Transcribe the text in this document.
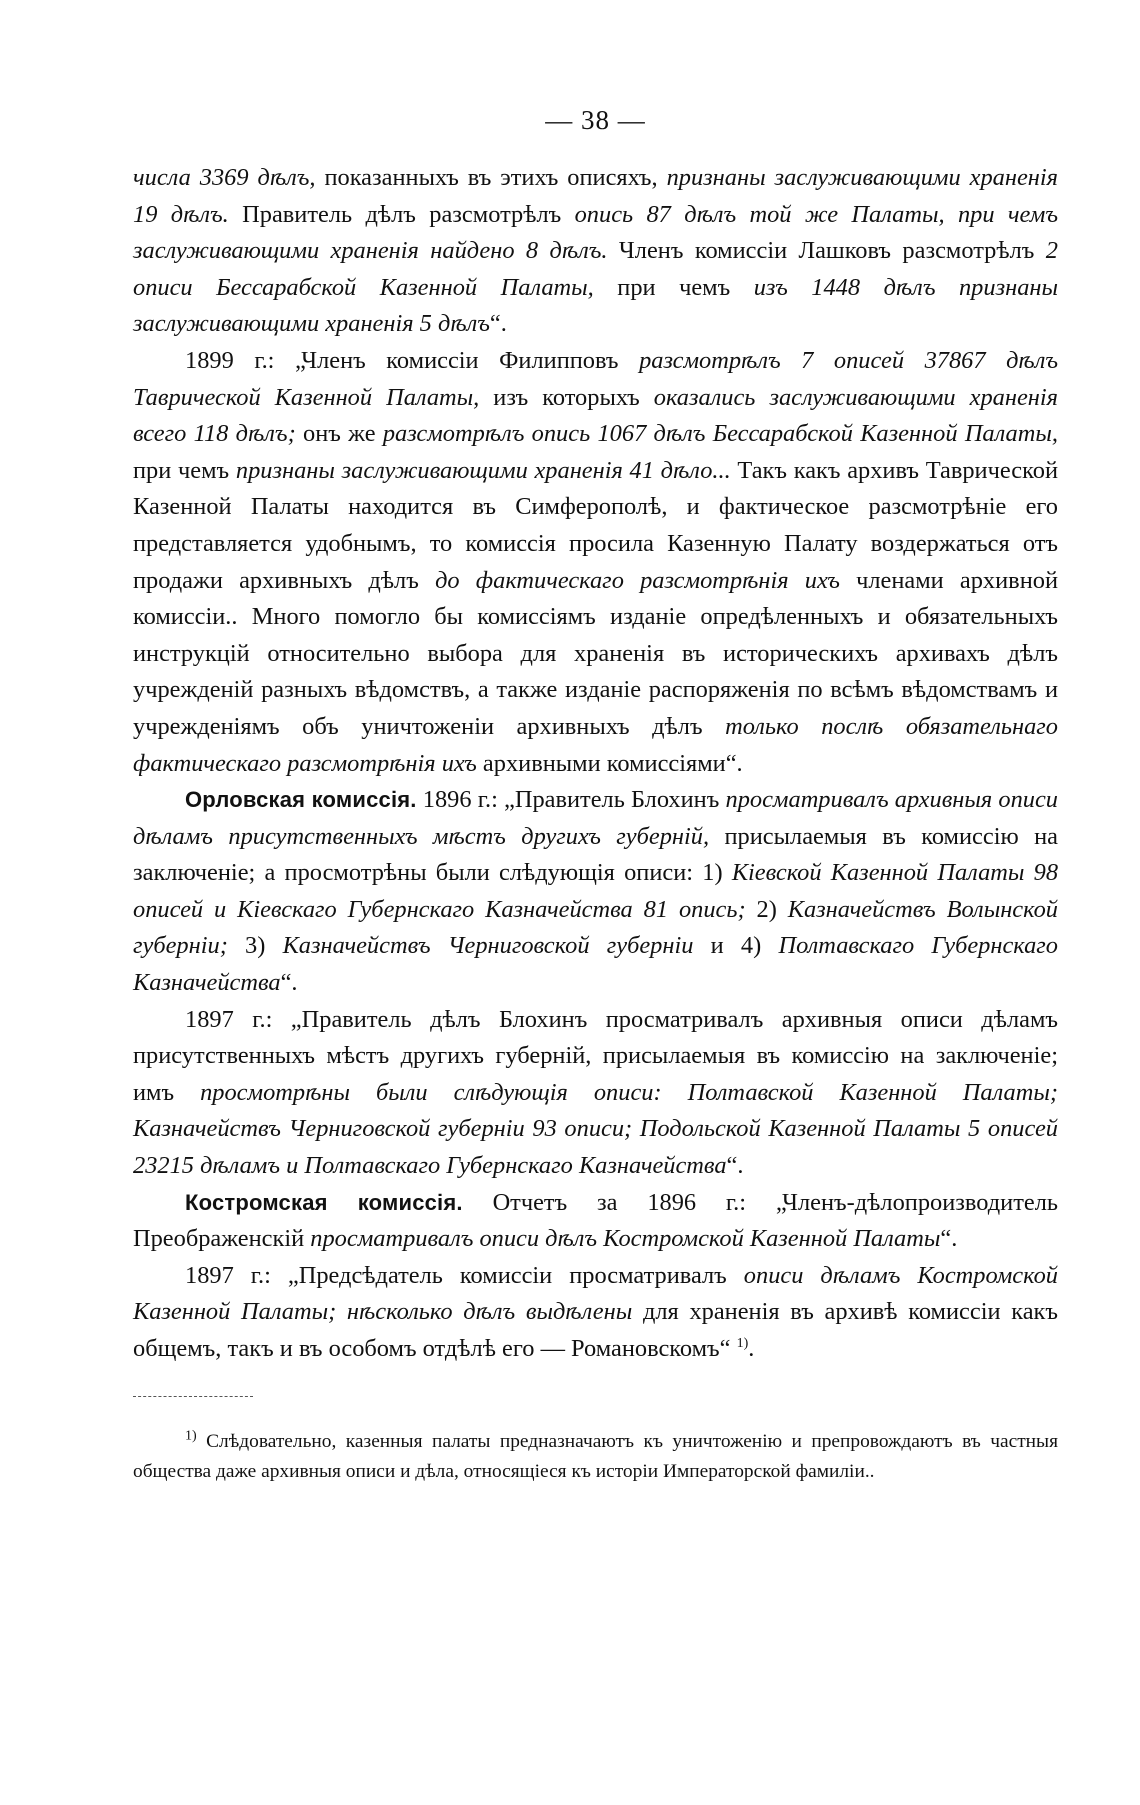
— 38 —

числа 3369 дѣлъ, показанныхъ въ этихъ описяхъ, признаны заслуживающими храненія 19 дѣлъ. Правитель дѣлъ разсмотрѣлъ опись 87 дѣлъ той же Палаты, при чемъ заслуживающими храненія найдено 8 дѣлъ. Членъ комиссіи Лашковъ разсмотрѣлъ 2 описи Бессарабской Казенной Палаты, при чемъ изъ 1448 дѣлъ признаны заслуживающими храненія 5 дѣлъ“.

1899 г.: „Членъ комиссіи Филипповъ разсмотрѣлъ 7 описей 37867 дѣлъ Таврической Казенной Палаты, изъ которыхъ оказались заслуживающими храненія всего 118 дѣлъ; онъ же разсмотрѣлъ опись 1067 дѣлъ Бессарабской Казенной Палаты, при чемъ признаны заслуживающими храненія 41 дѣло... Такъ какъ архивъ Таврической Казенной Палаты находится въ Симферополѣ, и фактическое разсмотрѣніе его представляется удобнымъ, то комиссія просила Казенную Палату воздержаться отъ продажи архивныхъ дѣлъ до фактическаго разсмотрѣнія ихъ членами архивной комиссіи.. Много помогло бы комиссіямъ изданіе опредѣленныхъ и обязательныхъ инструкцій относительно выбора для храненія въ историческихъ архивахъ дѣлъ учрежденій разныхъ вѣдомствъ, а также изданіе распоряженія по всѣмъ вѣдомствамъ и учрежденіямъ объ уничтоженіи архивныхъ дѣлъ только послѣ обязательнаго фактическаго разсмотрѣнія ихъ архивными комиссіями“.

Орловская комиссія. 1896 г.: „Правитель Блохинъ просматривалъ архивныя описи дѣламъ присутственныхъ мѣстъ другихъ губерній, присылаемыя въ комиссію на заключеніе; а просмотрѣны были слѣдующія описи: 1) Кіевской Казенной Палаты 98 описей и Кіевскаго Губернскаго Казначейства 81 опись; 2) Казначействъ Волынской губерніи; 3) Казначействъ Черниговской губерніи и 4) Полтавскаго Губернскаго Казначейства“.

1897 г.: „Правитель дѣлъ Блохинъ просматривалъ архивныя описи дѣламъ присутственныхъ мѣстъ другихъ губерній, присылаемыя въ комиссію на заключеніе; имъ просмотрѣны были слѣдующія описи: Полтавской Казенной Палаты; Казначействъ Черниговской губерніи 93 описи; Подольской Казенной Палаты 5 описей 23215 дѣламъ и Полтавскаго Губернскаго Казначейства“.

Костромская комиссія. Отчетъ за 1896 г.: „Членъ-дѣлопроизводитель Преображенскій просматривалъ описи дѣлъ Костромской Казенной Палаты“.

1897 г.: „Предсѣдатель комиссіи просматривалъ описи дѣламъ Костромской Казенной Палаты; нѣсколько дѣлъ выдѣлены для храненія въ архивѣ комиссіи какъ общемъ, такъ и въ особомъ отдѣлѣ его — Романовскомъ“ $^{1)}$.

$^{1)}$ Слѣдовательно, казенныя палаты предназначаютъ къ уничтоженію и препровождаютъ въ частныя общества даже архивныя описи и дѣла, относящіеся къ исторіи Императорской фамиліи..
